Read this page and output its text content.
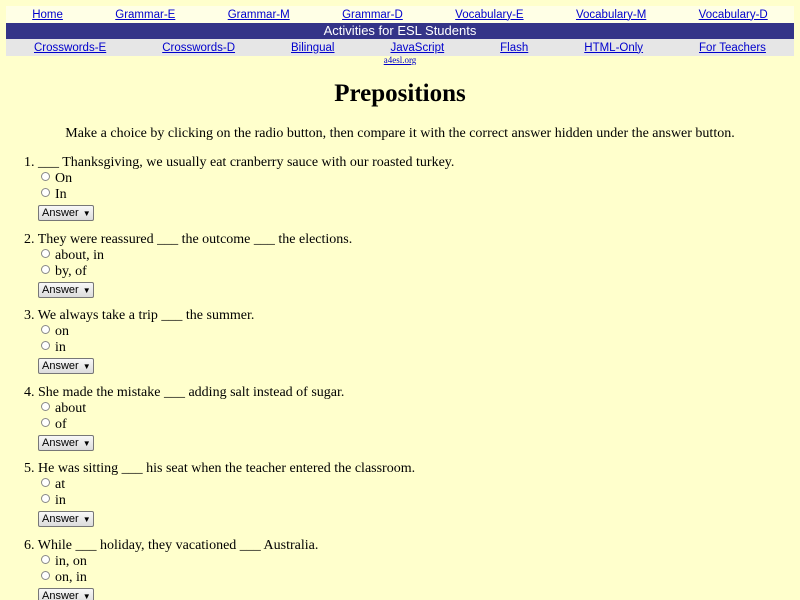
Home	Grammar-E	Grammar-M	Grammar-D	Vocabulary-E	Vocabulary-M	Vocabulary-D
Activities for ESL Students
Crosswords-E	Crosswords-D	Bilingual	JavaScript	Flash	HTML-Only	For Teachers
a4esl.org
Prepositions
Make a choice by clicking on the radio button, then compare it with the correct answer hidden under the answer button.
1. ___ Thanksgiving, we usually eat cranberry sauce with our roasted turkey.
On
In
Answer ▼
2. They were reassured ___ the outcome ___ the elections.
about, in
by, of
Answer ▼
3. We always take a trip ___ the summer.
on
in
Answer ▼
4. She made the mistake ___ adding salt instead of sugar.
about
of
Answer ▼
5. He was sitting ___ his seat when the teacher entered the classroom.
at
in
Answer ▼
6. While ___ holiday, they vacationed ___ Australia.
in, on
on, in
Answer ▼
